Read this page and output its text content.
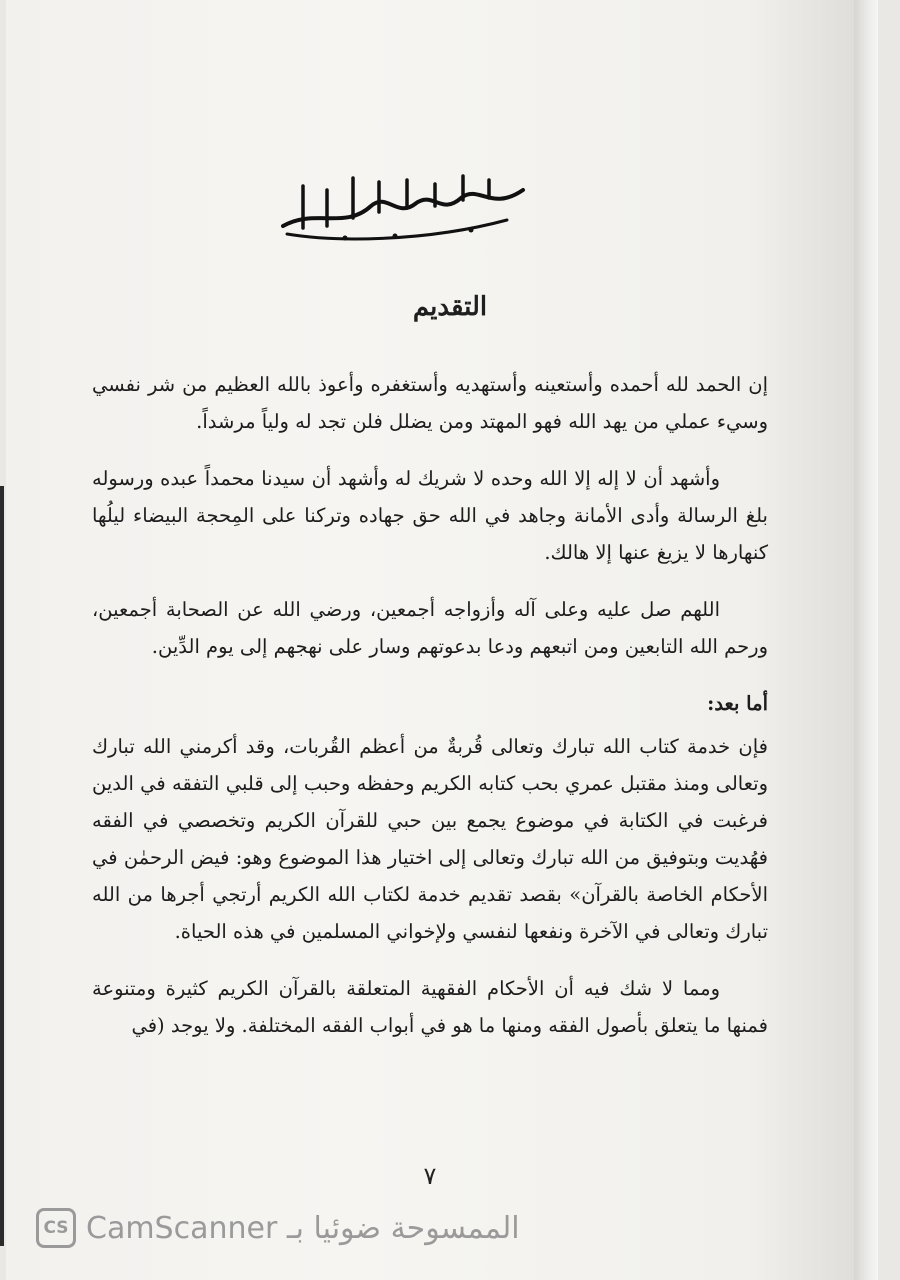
التقديم

إن الحمد لله أحمده وأستعينه وأستهديه وأستغفره وأعوذ بالله العظيم من شر نفسي وسيء عملي من يهد الله فهو المهتد ومن يضلل فلن تجد له ولياً مرشداً.

وأشهد أن لا إله إلا الله وحده لا شريك له وأشهد أن سيدنا محمداً عبده ورسوله بلغ الرسالة وأدى الأمانة وجاهد في الله حق جهاده وتركنا على المِحجة البيضاء ليلُها كنهارها لا يزيغ عنها إلا هالك.

اللهم صل عليه وعلى آله وأزواجه أجمعين، ورضي الله عن الصحابة أجمعين، ورحم الله التابعين ومن اتبعهم ودعا بدعوتهم وسار على نهجهم إلى يوم الدِّين.

أما بعد:

فإن خدمة كتاب الله تبارك وتعالى قُربةٌ من أعظم القُربات، وقد أكرمني الله تبارك وتعالى ومنذ مقتبل عمري بحب كتابه الكريم وحفظه وحبب إلى قلبي التفقه في الدين فرغبت في الكتابة في موضوع يجمع بين حبي للقرآن الكريم وتخصصي في الفقه فهُديت وبتوفيق من الله تبارك وتعالى إلى اختيار هذا الموضوع وهو: فيض الرحمٰن في الأحكام الخاصة بالقرآن» بقصد تقديم خدمة لكتاب الله الكريم أرتجي أجرها من الله تبارك وتعالى في الآخرة ونفعها لنفسي ولإخواني المسلمين في هذه الحياة.

ومما لا شك فيه أن الأحكام الفقهية المتعلقة بالقرآن الكريم كثيرة ومتنوعة فمنها ما يتعلق بأصول الفقه ومنها ما هو في أبواب الفقه المختلفة. ولا يوجد (في

٧
CS CamScanner الممسوحة ضوئيا بـ
